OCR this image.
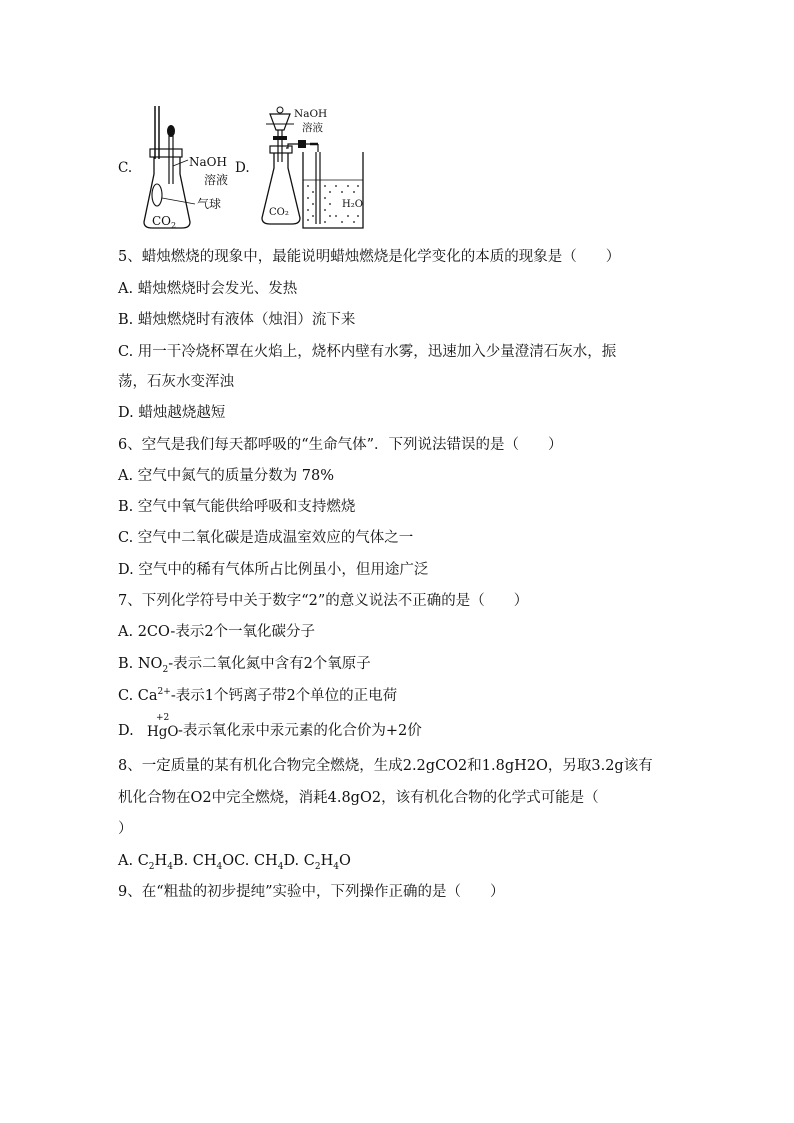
C.	NaOH
溶液
气球
$CO_2$
D.
NaOH
溶液
CO₂
H₂O
5、蜡烛燃烧的现象中，最能说明蜡烛燃烧是化学变化的本质的现象是（　　）
A. 蜡烛燃烧时会发光、发热
B. 蜡烛燃烧时有液体（烛泪）流下来
C. 用一干冷烧杯罩在火焰上，烧杯内壁有水雾，迅速加入少量澄清石灰水，振
荡，石灰水变浑浊
D. 蜡烛越烧越短
6、空气是我们每天都呼吸的“生命气体”．下列说法错误的是（　　）
A. 空气中氮气的质量分数为 78%
B. 空气中氧气能供给呼吸和支持燃烧
C. 空气中二氧化碳是造成温室效应的气体之一
D. 空气中的稀有气体所占比例虽小，但用途广泛
7、下列化学符号中关于数字“2”的意义说法不正确的是（　　）
A. 2CO-表示2个一氧化碳分子
B. $NO_2-$表示二氧化氮中含有2个氧原子
C. $Ca^{2+}-$表示1个钙离子带2个单位的正电荷
D.
+2
HgO -表示氧化汞中汞元素的化合价为+2价
8、一定质量的某有机化合物完全燃烧，生成2.2gCO2和1.8gH2O，另取3.2g该有
机化合物在O2中完全燃烧，消耗4.8gO2，该有机化合物的化学式可能是（
）
A. $C_2H_4B$. $CH_4OC$. $CH_4D$. $C_2H_4O$
9、在“粗盐的初步提纯”实验中，下列操作正确的是（　　）
